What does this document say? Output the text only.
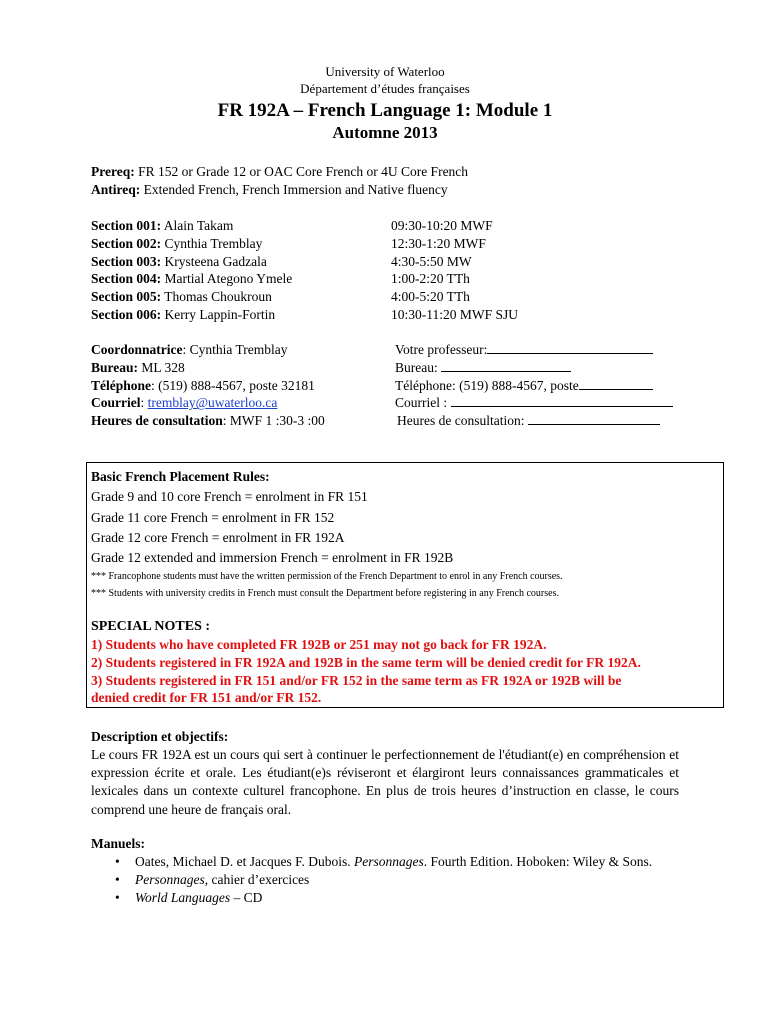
University of Waterloo
Département d’études françaises
FR 192A – French Language 1: Module 1
Automne 2013
Prereq: FR 152 or Grade 12 or OAC Core French or 4U Core French
Antireq: Extended French, French Immersion and Native fluency
Section 001: Alain Takam
Section 002: Cynthia Tremblay
Section 003: Krysteena Gadzala
Section 004: Martial Ategono Ymele
Section 005: Thomas Choukroun
Section 006: Kerry Lappin-Fortin
09:30-10:20 MWF
12:30-1:20 MWF
4:30-5:50 MW
1:00-2:20 TTh
4:00-5:20 TTh
10:30-11:20 MWF SJU
Coordonnatrice: Cynthia Tremblay
Bureau: ML 328
Téléphone: (519) 888-4567, poste 32181
Courriel: tremblay@uwaterloo.ca
Heures de consultation: MWF 1 :30-3 :00
Votre professeur:
Bureau:
Téléphone: (519) 888-4567, poste
Courriel :
Heures de consultation:
Basic French Placement Rules:
Grade 9 and 10 core French = enrolment in FR 151
Grade 11 core French = enrolment in FR 152
Grade 12 core French = enrolment in FR 192A
Grade 12 extended and immersion French = enrolment in FR 192B
*** Francophone students must have the written permission of the French Department to enrol in any French courses.
*** Students with university credits in French must consult the Department before registering in any French courses.
SPECIAL NOTES :
1) Students who have completed FR 192B or 251 may not go back for FR 192A.
2) Students registered in FR 192A and 192B in the same term will be denied credit for FR 192A.
3) Students registered in FR 151 and/or FR 152 in the same term as FR 192A or 192B will be
denied credit for FR 151 and/or FR 152.
Description et objectifs:
Le cours FR 192A est un cours qui sert à continuer le perfectionnement de l'étudiant(e) en compréhension et expression écrite et orale. Les étudiant(e)s réviseront et élargiront leurs connaissances grammaticales et lexicales dans un contexte culturel francophone. En plus de trois heures d’instruction en classe, le cours comprend une heure de français oral.
Manuels:
• Oates, Michael D. et Jacques F. Dubois. Personnages. Fourth Edition. Hoboken: Wiley & Sons.
• Personnages, cahier d’exercices
• World Languages – CD
